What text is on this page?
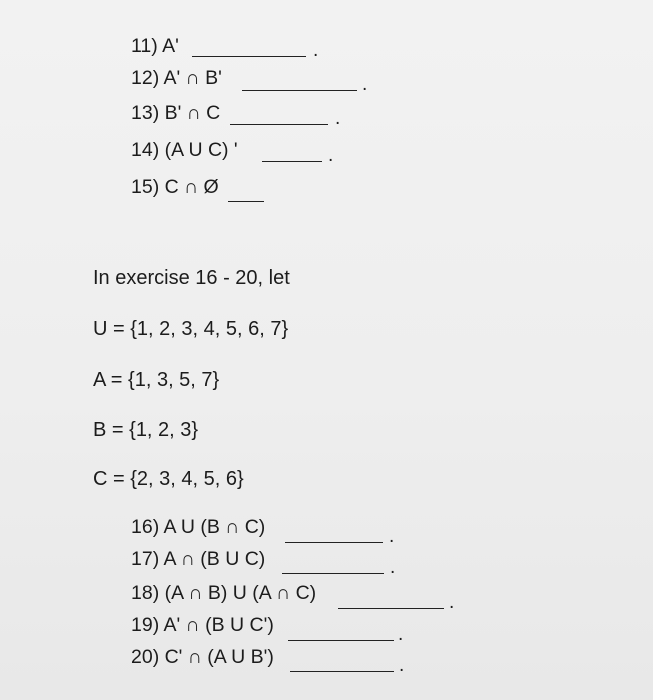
11) A'	.
12) A' ∩ B'	.
13) B' ∩ C	.
14) (A U C) '	.
15) C ∩ Ø
In exercise 16 - 20, let
U = {1, 2, 3, 4, 5, 6, 7}
A = {1, 3, 5, 7}
B = {1, 2, 3}
C = {2, 3, 4, 5, 6}
16) A U (B ∩ C)	.
17) A ∩ (B U C)	.
18) (A ∩ B) U (A ∩ C)	.
19) A' ∩ (B U C')	.
20) C' ∩ (A U B')	.
